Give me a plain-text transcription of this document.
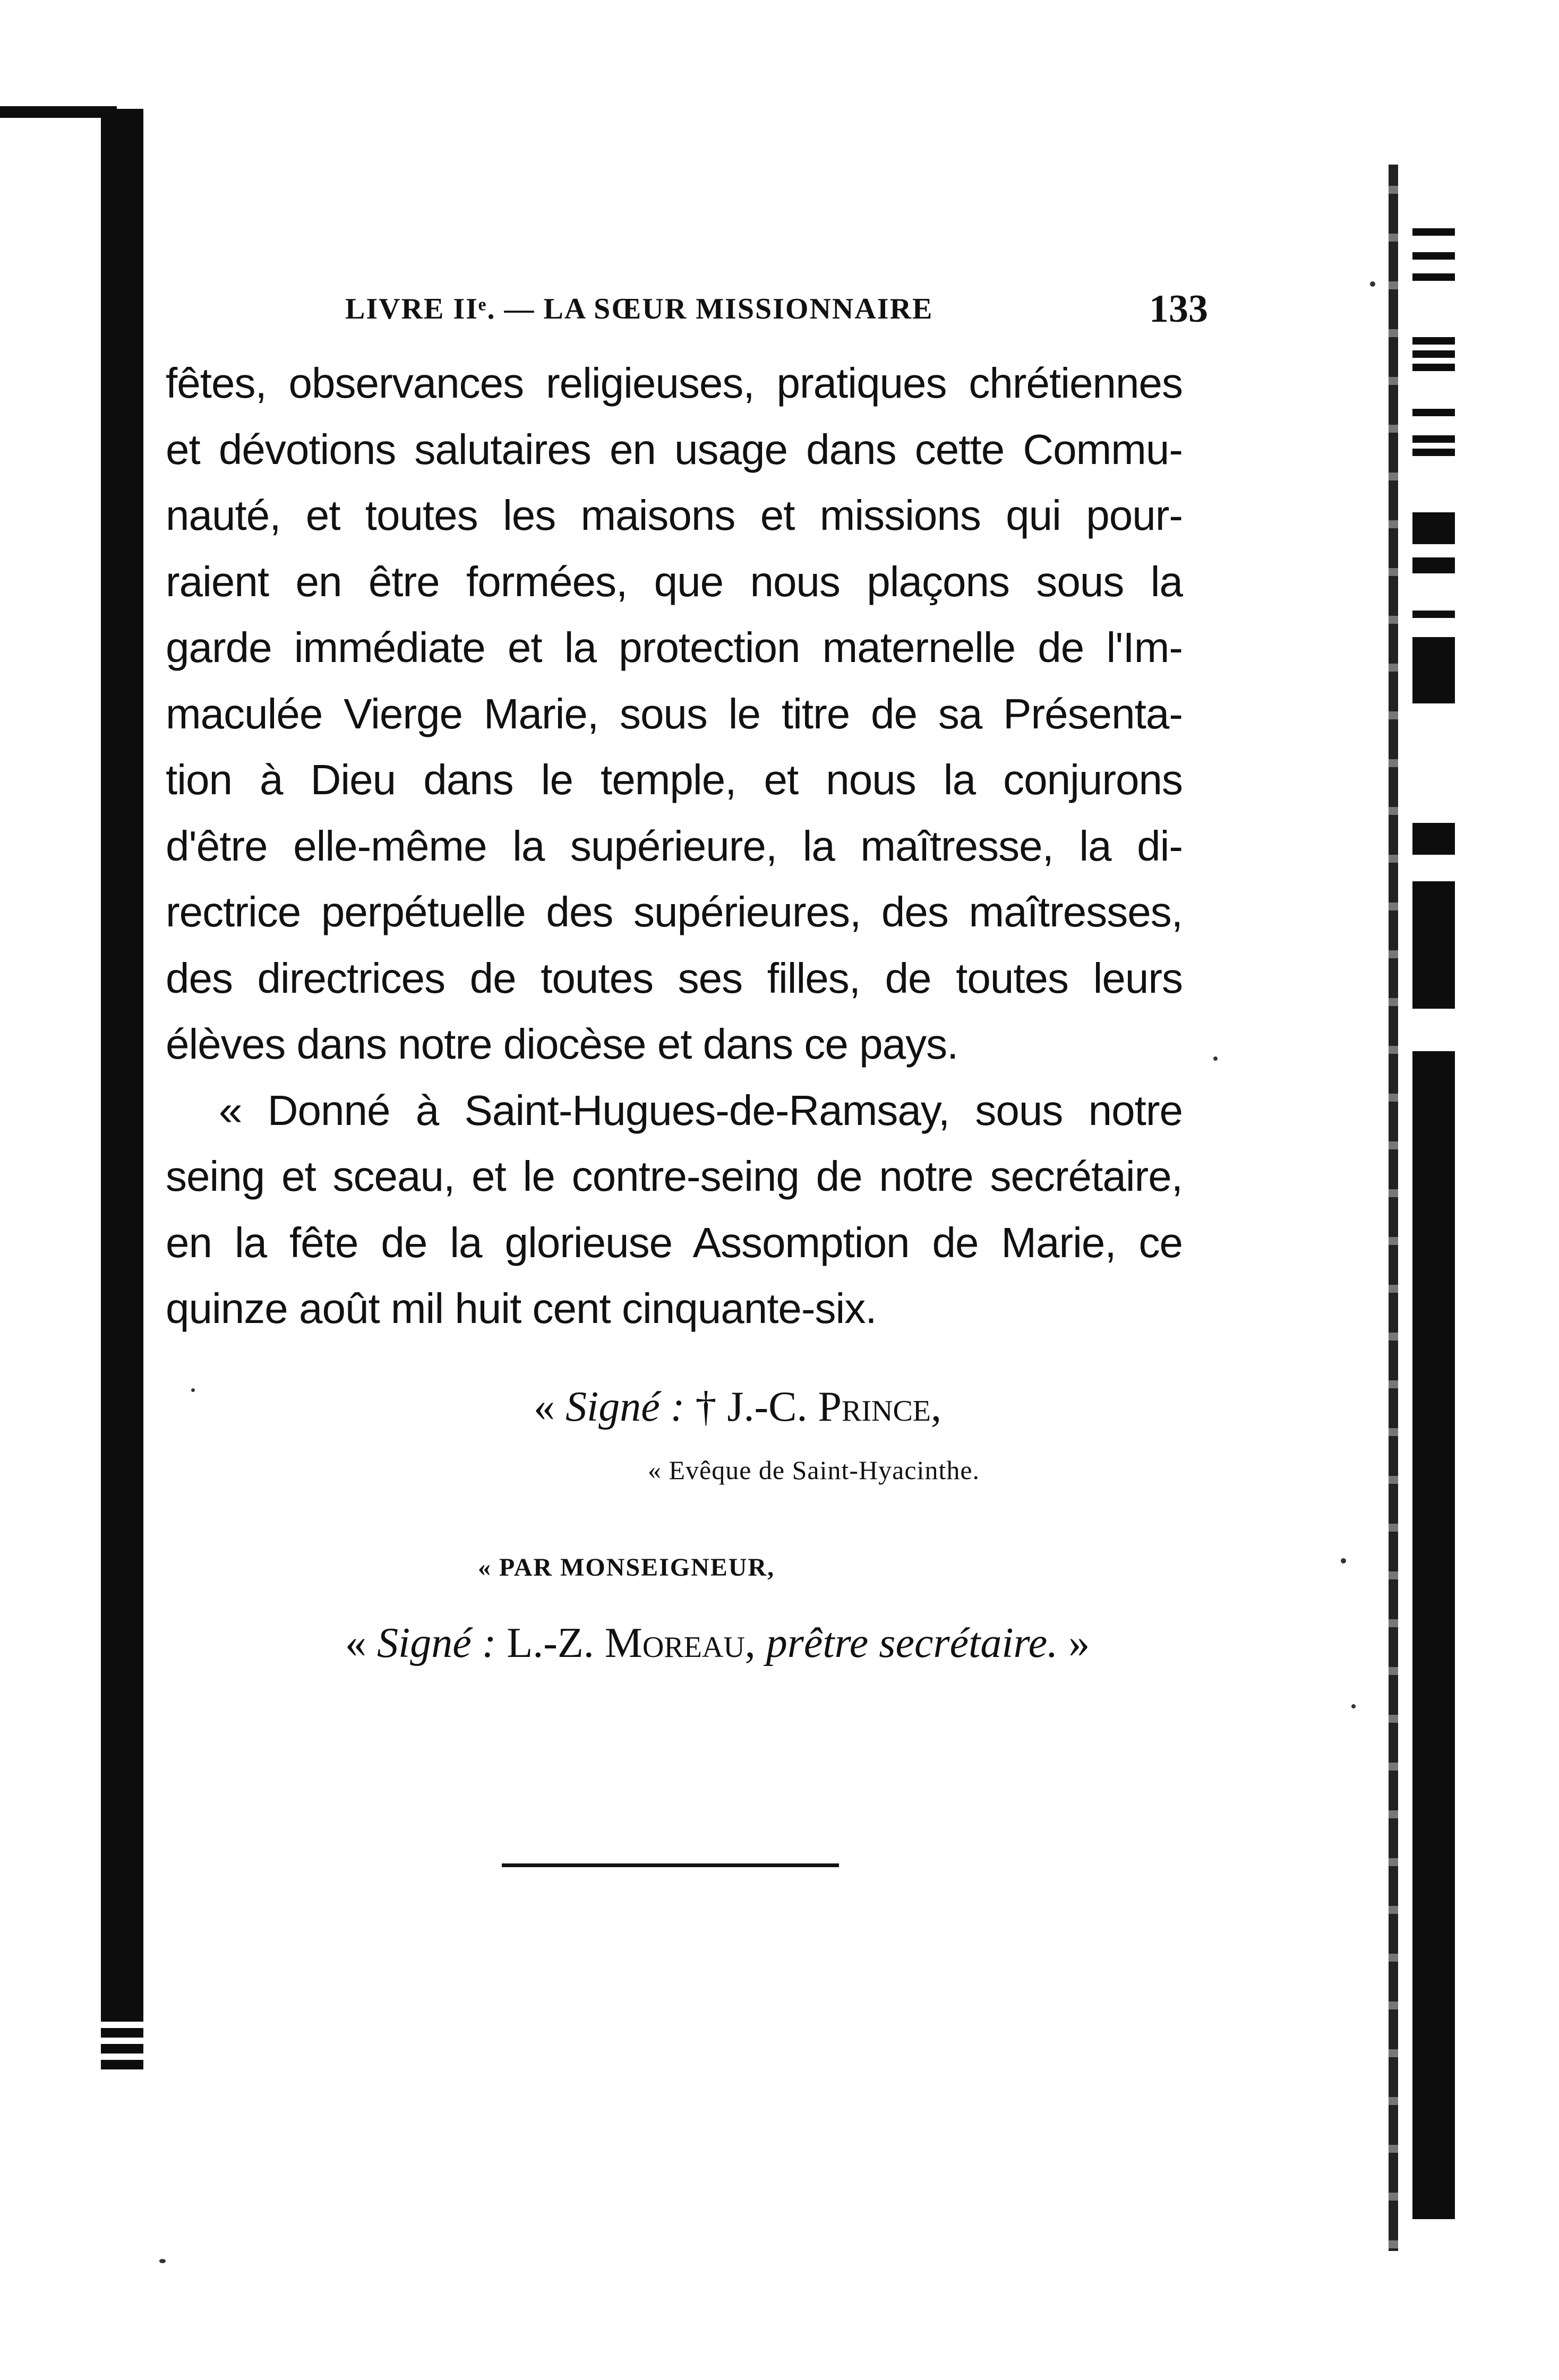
LIVRE IIᵉ. — LA SŒUR MISSIONNAIRE	133
fêtes, observances religieuses, pratiques chrétiennes
et dévotions salutaires en usage dans cette Commu-
nauté, et toutes les maisons et missions qui pour-
raient en être formées, que nous plaçons sous la
garde immédiate et la protection maternelle de l'Im-
maculée Vierge Marie, sous le titre de sa Présenta-
tion à Dieu dans le temple, et nous la conjurons
d'être elle-même la supérieure, la maîtresse, la di-
rectrice perpétuelle des supérieures, des maîtresses,
des directrices de toutes ses filles, de toutes leurs
élèves dans notre diocèse et dans ce pays.
« Donné à Saint-Hugues-de-Ramsay, sous notre
seing et sceau, et le contre-seing de notre secrétaire,
en la fête de la glorieuse Assomption de Marie, ce
quinze août mil huit cent cinquante-six.
« Signé : † J.-C. Prince,
« Evêque de Saint-Hyacinthe.
« PAR MONSEIGNEUR,
« Signé : L.-Z. Moreau, prêtre secrétaire. »
